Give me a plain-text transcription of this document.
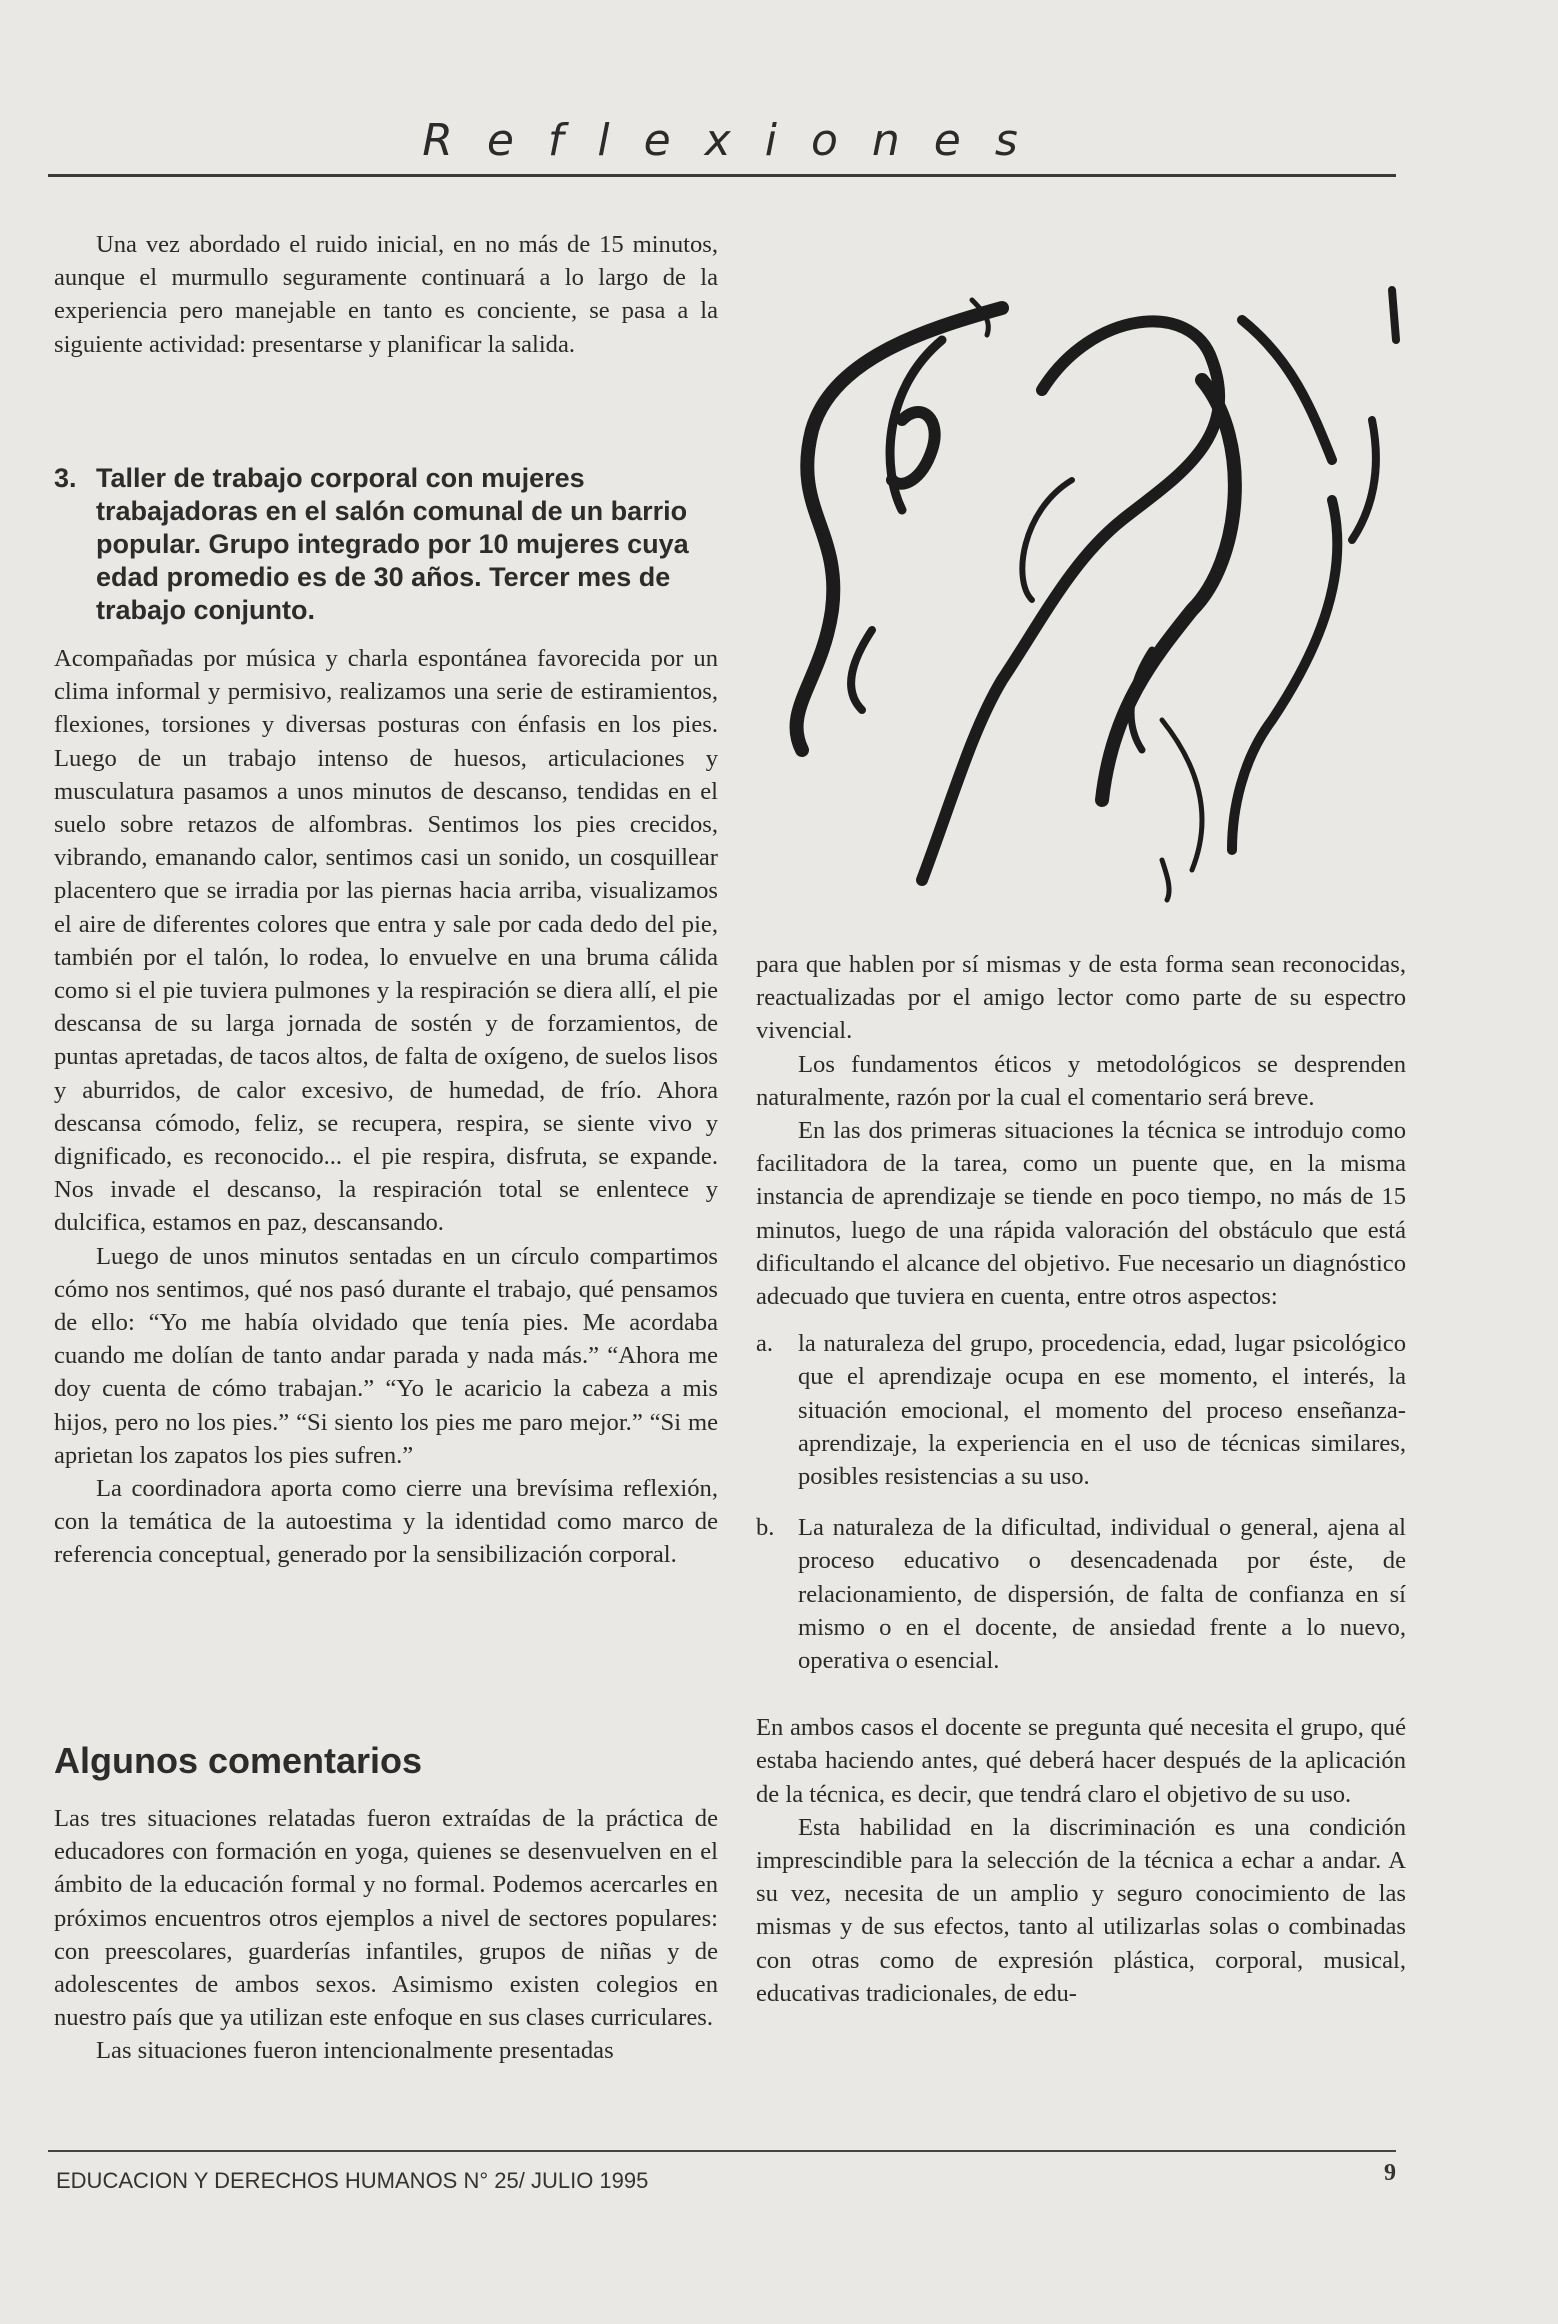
Reflexiones

Una vez abordado el ruido inicial, en no más de 15 minutos, aunque el murmullo seguramente continuará a lo largo de la experiencia pero manejable en tanto es conciente, se pasa a la siguiente actividad: presentarse y planificar la salida.

3. Taller de trabajo corporal con mujeres trabajadoras en el salón comunal de un barrio popular. Grupo integrado por 10 mujeres cuya edad promedio es de 30 años. Tercer mes de trabajo conjunto.

Acompañadas por música y charla espontánea favorecida por un clima informal y permisivo, realizamos una serie de estiramientos, flexiones, torsiones y diversas posturas con énfasis en los pies. Luego de un trabajo intenso de huesos, articulaciones y musculatura pasamos a unos minutos de descanso, tendidas en el suelo sobre retazos de alfombras. Sentimos los pies crecidos, vibrando, emanando calor, sentimos casi un sonido, un cosquillear placentero que se irradia por las piernas hacia arriba, visualizamos el aire de diferentes colores que entra y sale por cada dedo del pie, también por el talón, lo rodea, lo envuelve en una bruma cálida como si el pie tuviera pulmones y la respiración se diera allí, el pie descansa de su larga jornada de sostén y de forzamientos, de puntas apretadas, de tacos altos, de falta de oxígeno, de suelos lisos y aburridos, de calor excesivo, de humedad, de frío. Ahora descansa cómodo, feliz, se recupera, respira, se siente vivo y dignificado, es reconocido... el pie respira, disfruta, se expande. Nos invade el descanso, la respiración total se enlentece y dulcifica, estamos en paz, descansando.

Luego de unos minutos sentadas en un círculo compartimos cómo nos sentimos, qué nos pasó durante el trabajo, qué pensamos de ello: “Yo me había olvidado que tenía pies. Me acordaba cuando me dolían de tanto andar parada y nada más.” “Ahora me doy cuenta de cómo trabajan.” “Yo le acaricio la cabeza a mis hijos, pero no los pies.” “Si siento los pies me paro mejor.” “Si me aprietan los zapatos los pies sufren.”

La coordinadora aporta como cierre una brevísima reflexión, con la temática de la autoestima y la identidad como marco de referencia conceptual, generado por la sensibilización corporal.

Algunos comentarios

Las tres situaciones relatadas fueron extraídas de la práctica de educadores con formación en yoga, quienes se desenvuelven en el ámbito de la educación formal y no formal. Podemos acercarles en próximos encuentros otros ejemplos a nivel de sectores populares: con preescolares, guarderías infantiles, grupos de niñas y de adolescentes de ambos sexos. Asimismo existen colegios en nuestro país que ya utilizan este enfoque en sus clases curriculares.

Las situaciones fueron intencionalmente presentadas

para que hablen por sí mismas y de esta forma sean reconocidas, reactualizadas por el amigo lector como parte de su espectro vivencial.

Los fundamentos éticos y metodológicos se desprenden naturalmente, razón por la cual el comentario será breve.

En las dos primeras situaciones la técnica se introdujo como facilitadora de la tarea, como un puente que, en la misma instancia de aprendizaje se tiende en poco tiempo, no más de 15 minutos, luego de una rápida valoración del obstáculo que está dificultando el alcance del objetivo. Fue necesario un diagnóstico adecuado que tuviera en cuenta, entre otros aspectos:

a. la naturaleza del grupo, procedencia, edad, lugar psicológico que el aprendizaje ocupa en ese momento, el interés, la situación emocional, el momento del proceso enseñanza-aprendizaje, la experiencia en el uso de técnicas similares, posibles resistencias a su uso.

b. La naturaleza de la dificultad, individual o general, ajena al proceso educativo o desencadenada por éste, de relacionamiento, de dispersión, de falta de confianza en sí mismo o en el docente, de ansiedad frente a lo nuevo, operativa o esencial.

En ambos casos el docente se pregunta qué necesita el grupo, qué estaba haciendo antes, qué deberá hacer después de la aplicación de la técnica, es decir, que tendrá claro el objetivo de su uso.

Esta habilidad en la discriminación es una condición imprescindible para la selección de la técnica a echar a andar. A su vez, necesita de un amplio y seguro conocimiento de las mismas y de sus efectos, tanto al utilizarlas solas o combinadas con otras como de expresión plástica, corporal, musical, educativas tradicionales, de edu-

EDUCACION Y DERECHOS HUMANOS N° 25/ JULIO 1995	9
